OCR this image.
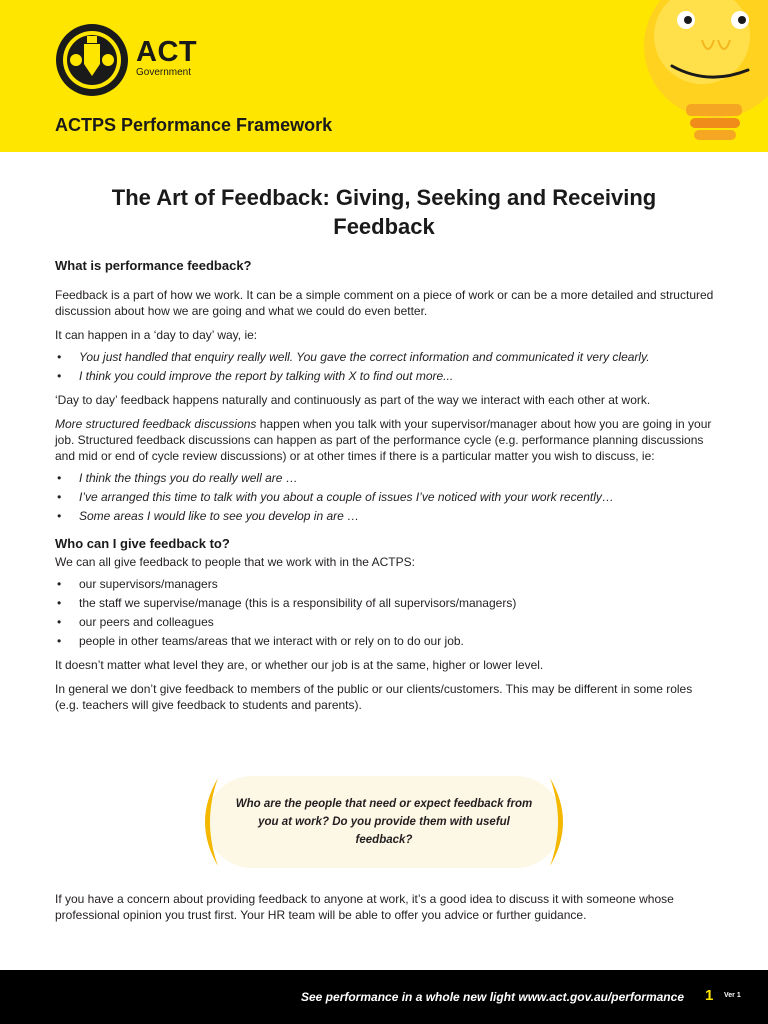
ACT
Government
ACTPS Performance Framework
The Art of Feedback: Giving, Seeking and Receiving Feedback

What is performance feedback?

Feedback is a part of how we work. It can be a simple comment on a piece of work or can be a more detailed and structured discussion about how we are going and what we could do even better.

It can happen in a ‘day to day’ way, ie:

• You just handled that enquiry really well. You gave the correct information and communicated it very clearly.
• I think you could improve the report by talking with X to find out more...

‘Day to day’ feedback happens naturally and continuously as part of the way we interact with each other at work.

More structured feedback discussions happen when you talk with your supervisor/manager about how you are going in your job. Structured feedback discussions can happen as part of the performance cycle (e.g. performance planning discussions and mid or end of cycle review discussions) or at other times if there is a particular matter you wish to discuss, ie:

• I think the things you do really well are …
• I’ve arranged this time to talk with you about a couple of issues I’ve noticed with your work recently…
• Some areas I would like to see you develop in are …

Who can I give feedback to?

We can all give feedback to people that we work with in the ACTPS:

• our supervisors/managers
• the staff we supervise/manage (this is a responsibility of all supervisors/managers)
• our peers and colleagues
• people in other teams/areas that we interact with or rely on to do our job.

It doesn’t matter what level they are, or whether our job is at the same, higher or lower level.

In general we don’t give feedback to members of the public or our clients/customers. This may be different in some roles (e.g. teachers will give feedback to students and parents).

Who are the people that need or expect feedback from you at work? Do you provide them with useful feedback?

If you have a concern about providing feedback to anyone at work, it’s a good idea to discuss it with someone whose professional opinion you trust first. Your HR team will be able to offer you advice or further guidance.

See performance in a whole new light www.act.gov.au/performance 1 Ver 1
